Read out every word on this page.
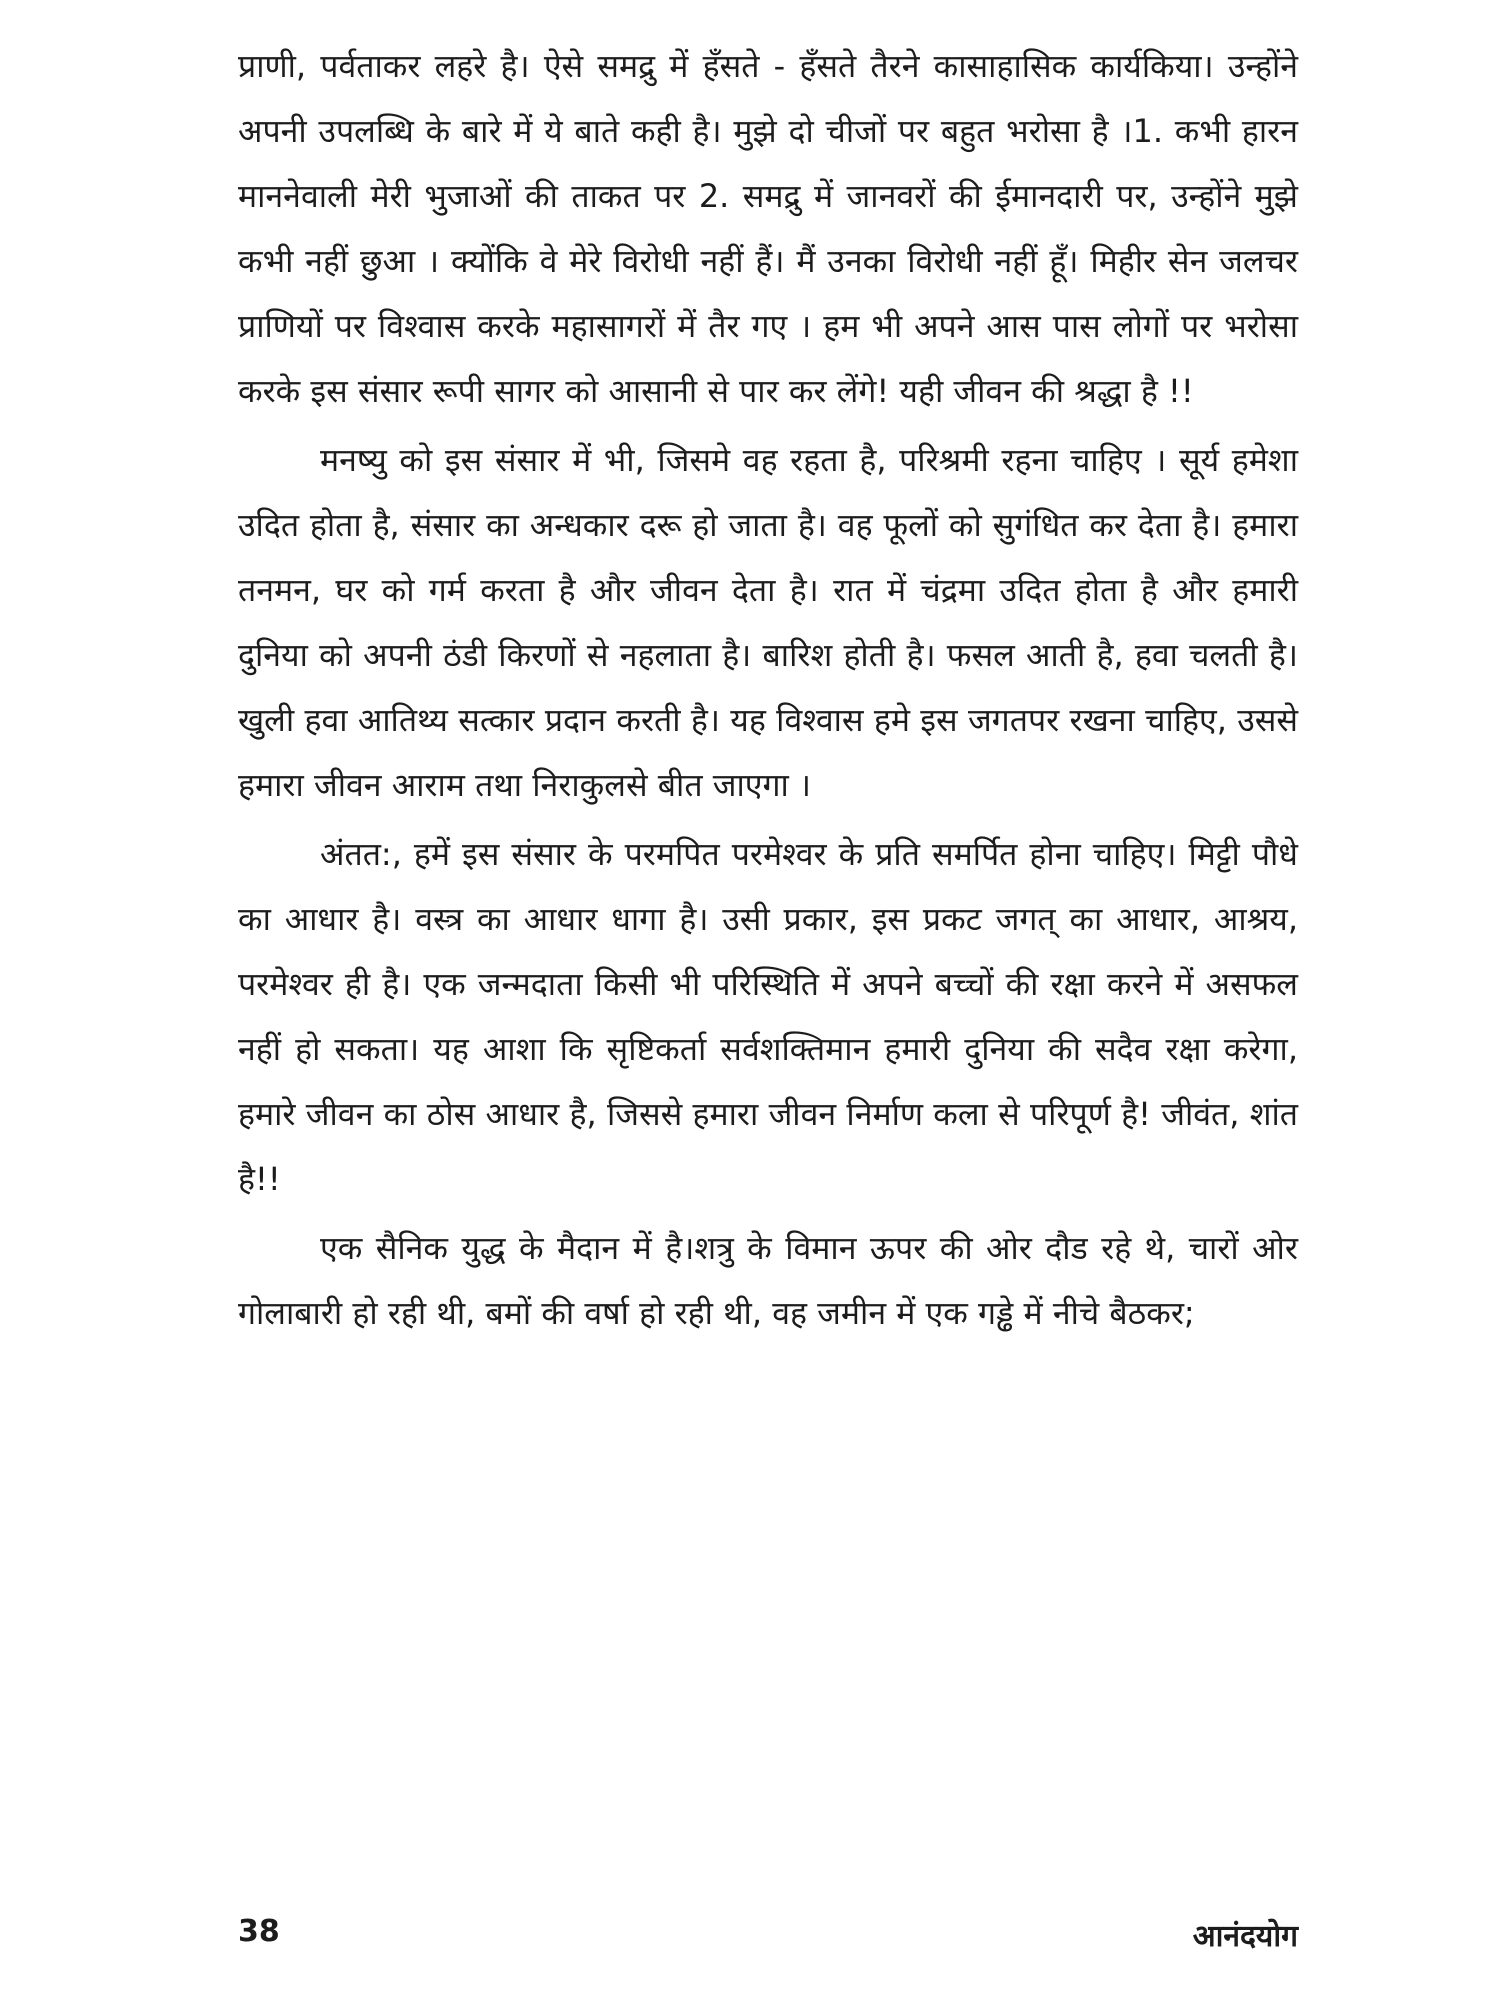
प्राणी, पर्वताकर लहरे है। ऐसे समद्रु में हँसते - हँसते तैरने कासाहासिक कार्यकिया। उन्होंने अपनी उपलब्धि के बारे में ये बाते कही है। मुझे दो चीजों पर बहुत भरोसा है ।1. कभी हारन माननेवाली मेरी भुजाओं की ताकत पर 2. समद्रु में जानवरों की ईमानदारी पर, उन्होंने मुझे कभी नहीं छुआ । क्योंकि वे मेरे विरोधी नहीं हैं। मैं उनका विरोधी नहीं हूँ। मिहीर सेन जलचर प्राणियों पर विश्वास करके महासागरों में तैर गए । हम भी अपने आस पास लोगों पर भरोसा करके इस संसार रूपी सागर को आसानी से पार कर लेंगे! यही जीवन की श्रद्धा है !!

मनष्यु को इस संसार में भी, जिसमे वह रहता है, परिश्रमी रहना चाहिए । सूर्य हमेशा उदित होता है, संसार का अन्धकार दरू हो जाता है। वह फूलों को सुगंधित कर देता है। हमारा तनमन, घर को गर्म करता है और जीवन देता है। रात में चंद्रमा उदित होता है और हमारी दुनिया को अपनी ठंडी किरणों से नहलाता है। बारिश होती है। फसल आती है, हवा चलती है। खुली हवा आतिथ्य सत्कार प्रदान करती है। यह विश्वास हमे इस जगतपर रखना चाहिए, उससे हमारा जीवन आराम तथा निराकुलसे बीत जाएगा ।

अंतत:, हमें इस संसार के परमपित परमेश्वर के प्रति समर्पित होना चाहिए। मिट्टी पौधे का आधार है। वस्त्र का आधार धागा है। उसी प्रकार, इस प्रकट जगत् का आधार, आश्रय, परमेश्वर ही है। एक जन्मदाता किसी भी परिस्थिति में अपने बच्चों की रक्षा करने में असफल नहीं हो सकता। यह आशा कि सृष्टिकर्ता सर्वशक्तिमान हमारी दुनिया की सदैव रक्षा करेगा, हमारे जीवन का ठोस आधार है, जिससे हमारा जीवन निर्माण कला से परिपूर्ण है! जीवंत, शांत है!!

एक सैनिक युद्ध के मैदान में है।शत्रु के विमान ऊपर की ओर दौड रहे थे, चारों ओर गोलाबारी हो रही थी, बमों की वर्षा हो रही थी, वह जमीन में एक गड्ढे में नीचे बैठकर;

38	आनंदयोग
